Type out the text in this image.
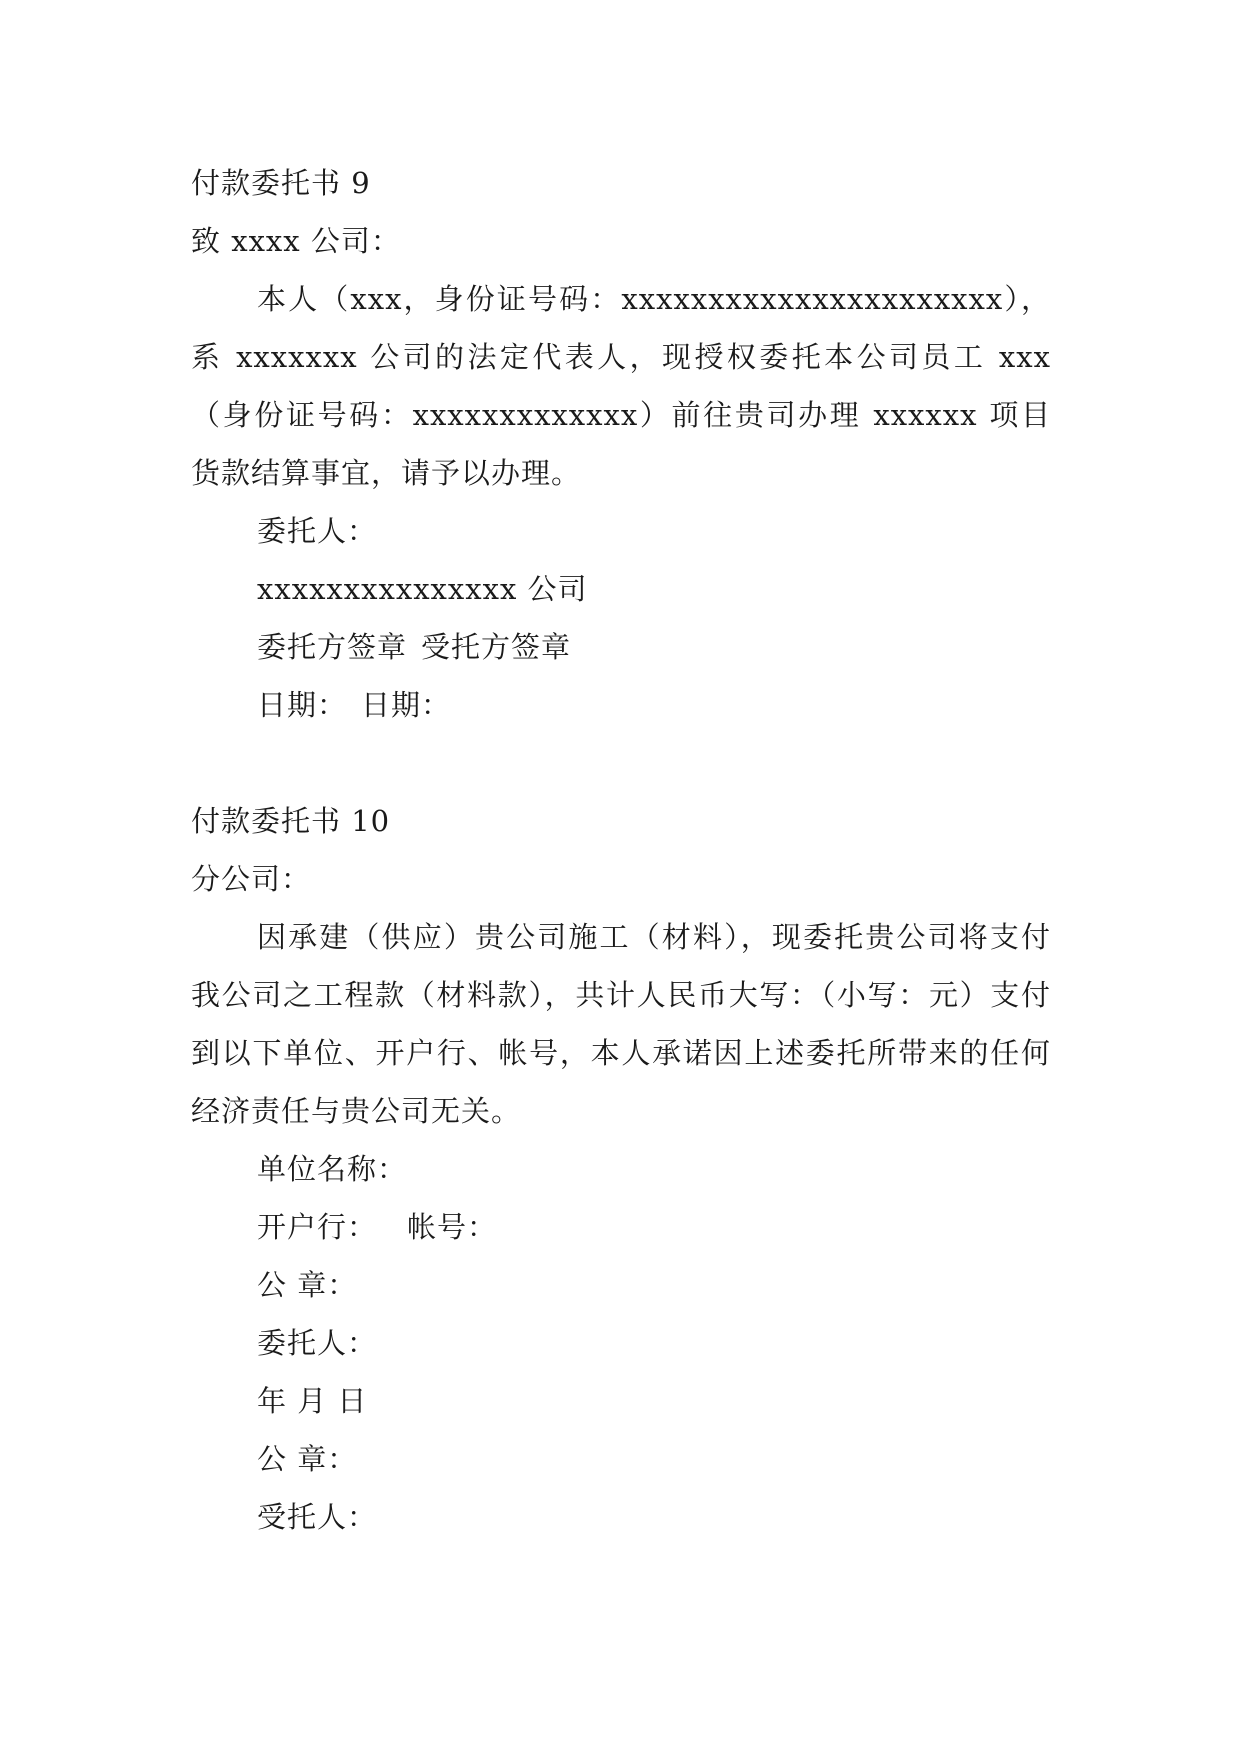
付款委托书 9
致 xxxx 公司：
本人（xxx，身份证号码：xxxxxxxxxxxxxxxxxxxxxx），系 xxxxxxx 公司的法定代表人，现授权委托本公司员工 xxx（身份证号码：xxxxxxxxxxxxx）前往贵司办理 xxxxxx 项目货款结算事宜，请予以办理。
委托人：
xxxxxxxxxxxxxxx 公司
委托方签章 受托方签章
日期： 日期：
付款委托书 10
分公司：
因承建（供应）贵公司施工（材料），现委托贵公司将支付我公司之工程款（材料款），共计人民币大写：（小写：元）支付到以下单位、开户行、帐号，本人承诺因上述委托所带来的任何经济责任与贵公司无关。
单位名称：
开户行： 帐号：
公 章：
委托人：
年 月 日
公 章：
受托人：
